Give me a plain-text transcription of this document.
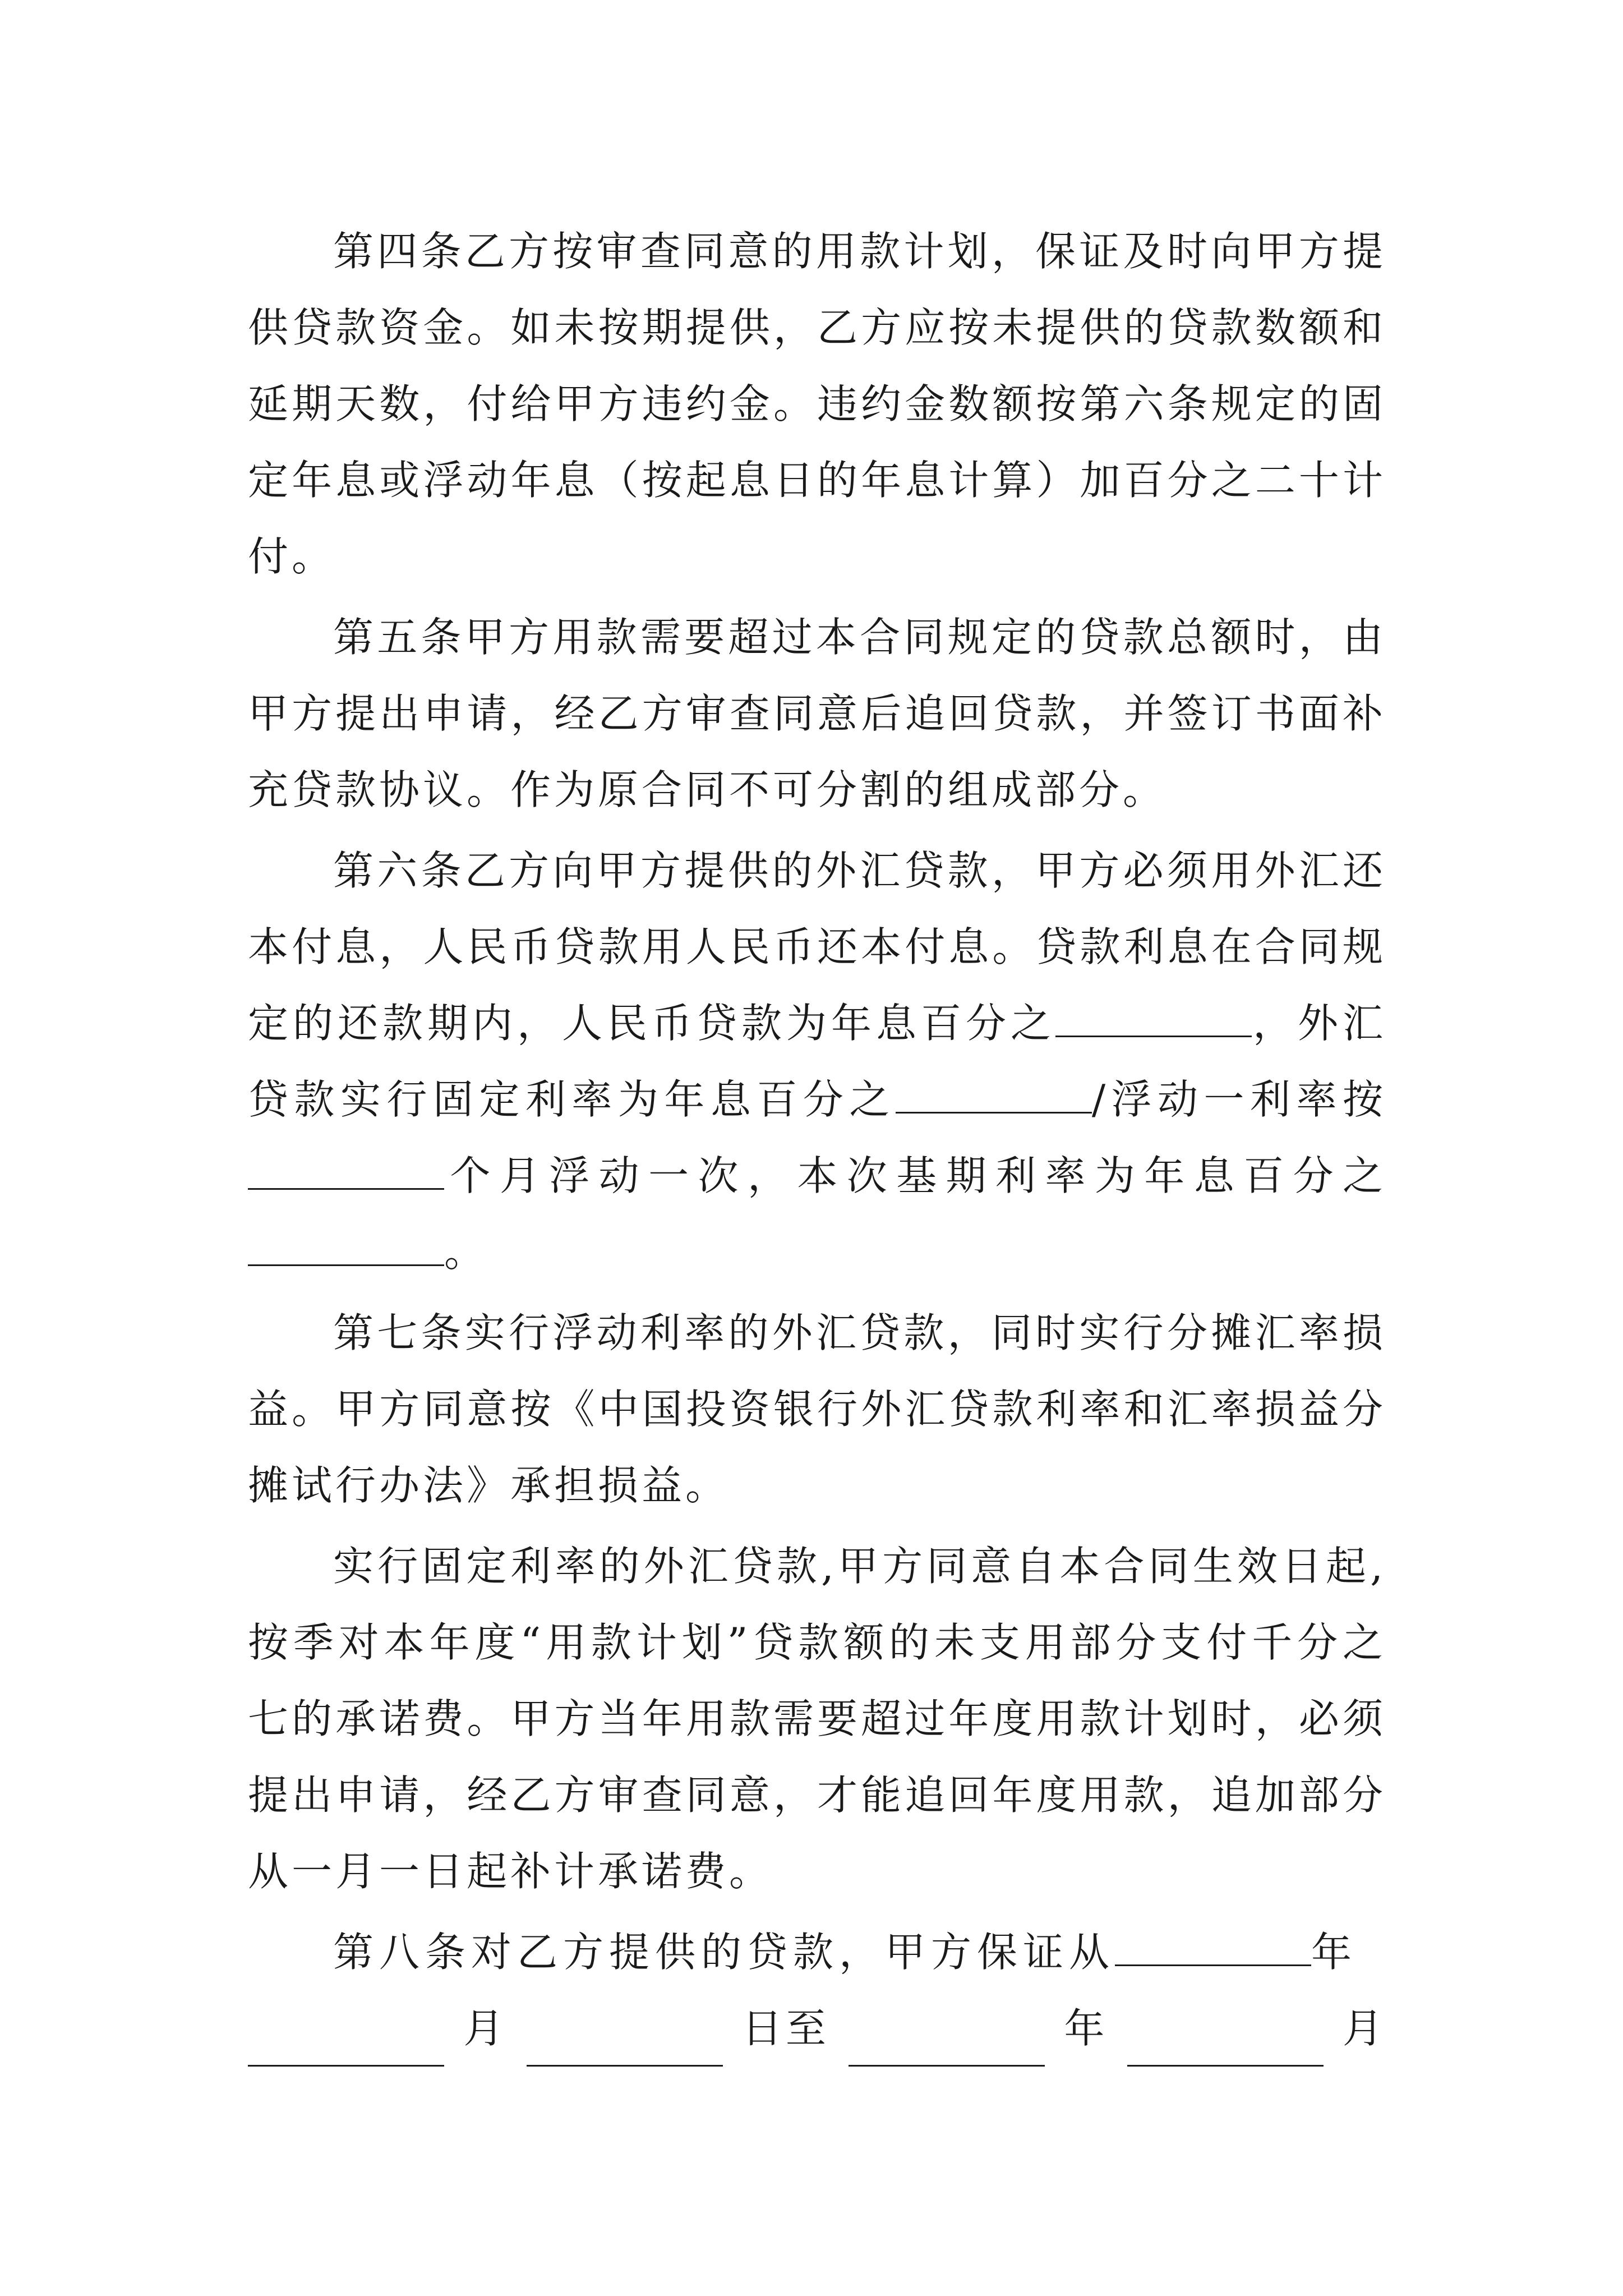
第四条乙方按审查同意的用款计划，保证及时向甲方提供贷款资金。如未按期提供，乙方应按未提供的贷款数额和延期天数，付给甲方违约金。违约金数额按第六条规定的固定年息或浮动年息（按起息日的年息计算）加百分之二十计付。

第五条甲方用款需要超过本合同规定的贷款总额时，由甲方提出申请，经乙方审查同意后追回贷款，并签订书面补充贷款协议。作为原合同不可分割的组成部分。

第六条乙方向甲方提供的外汇贷款，甲方必须用外汇还本付息，人民币贷款用人民币还本付息。贷款利息在合同规定的还款期内，人民币贷款为年息百分之	，外汇贷款实行固定利率为年息百分之	/浮动一利率按 个月浮动一次，本次基期利率为年息百分之 。

第七条实行浮动利率的外汇贷款，同时实行分摊汇率损益。甲方同意按《中国投资银行外汇贷款利率和汇率损益分摊试行办法》承担损益。

实行固定利率的外汇贷款,甲方同意自本合同生效日起,按季对本年度“用款计划”贷款额的未支用部分支付千分之七的承诺费。甲方当年用款需要超过年度用款计划时，必须提出申请，经乙方审查同意，才能追回年度用款，追加部分从一月一日起补计承诺费。

第八条对乙方提供的贷款，甲方保证从	年

月	日至	年	月
